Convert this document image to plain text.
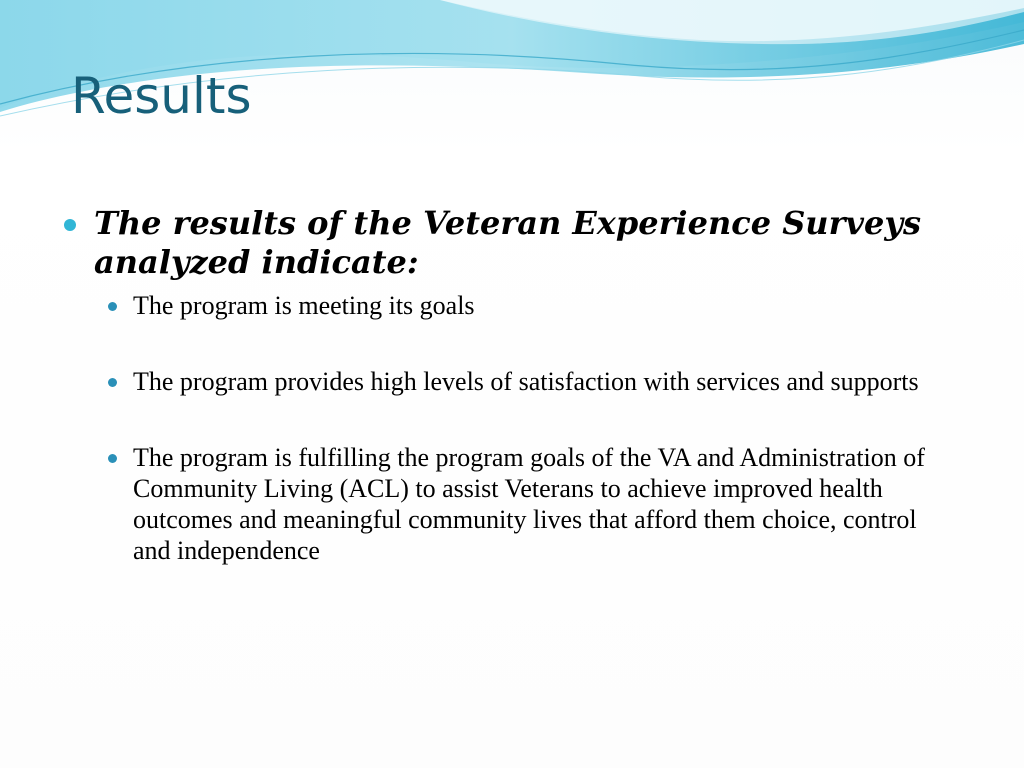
Results
The results of the Veteran Experience Surveys analyzed indicate:
The program is meeting its goals
The program provides high levels of satisfaction with services and supports
The program is fulfilling the program goals of the VA and Administration of Community Living (ACL) to assist Veterans to achieve improved health outcomes and meaningful community lives that afford them choice, control and independence
